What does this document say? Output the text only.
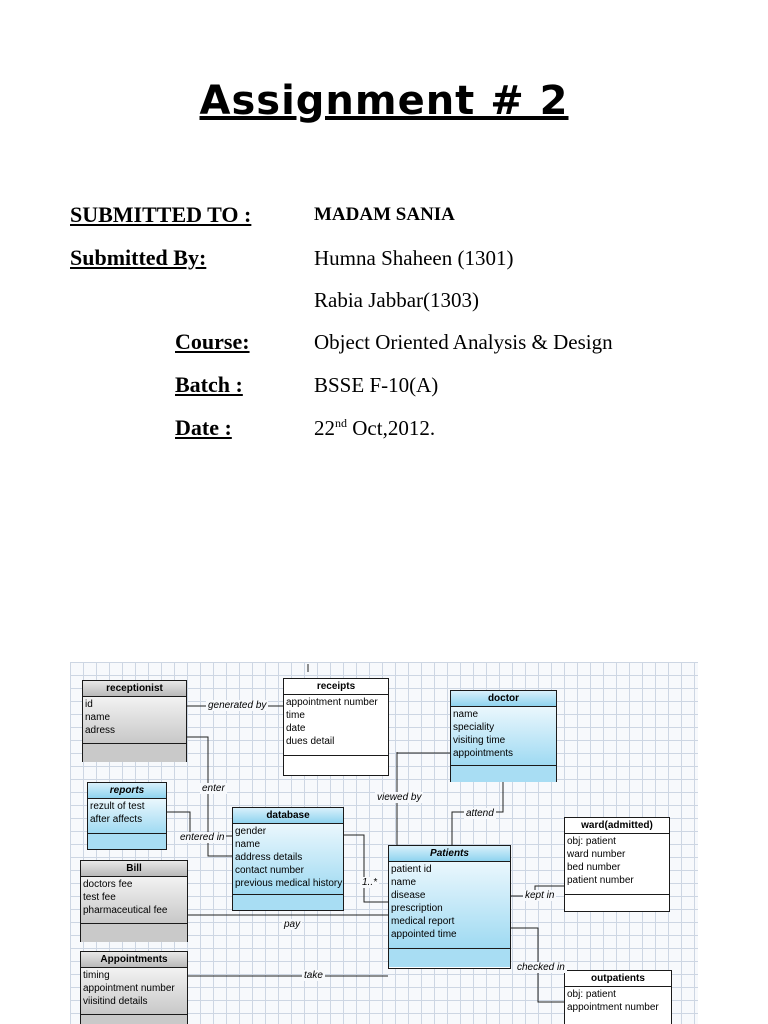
Assignment # 2
SUBMITTED TO :	MADAM SANIA
Submitted By:	Humna Shaheen (1301)
Rabia Jabbar(1303)
Course:	Object Oriented Analysis & Design
Batch :	BSSE F-10(A)
Date :	22nd Oct,2012.
receptionist
id
name
adress
receipts
appointment number
time
date
dues detail
doctor
name
speciality
visiting time
appointments
reports
rezult of test
after affects	database
gender
name
address details
contact number
previous medical history
ward(admitted)
obj: patient
ward number
bed number
patient number
Bill
doctors fee
test fee
pharmaceutical fee
Patients
patient id
name
disease
prescription
medical report
appointed time
Appointments
timing
appointment number
viisitind details
outpatients
obj: patient
appointment number
generated by
enter
entered in
viewed by
attend
1..*
kept in
pay
checked in
take
